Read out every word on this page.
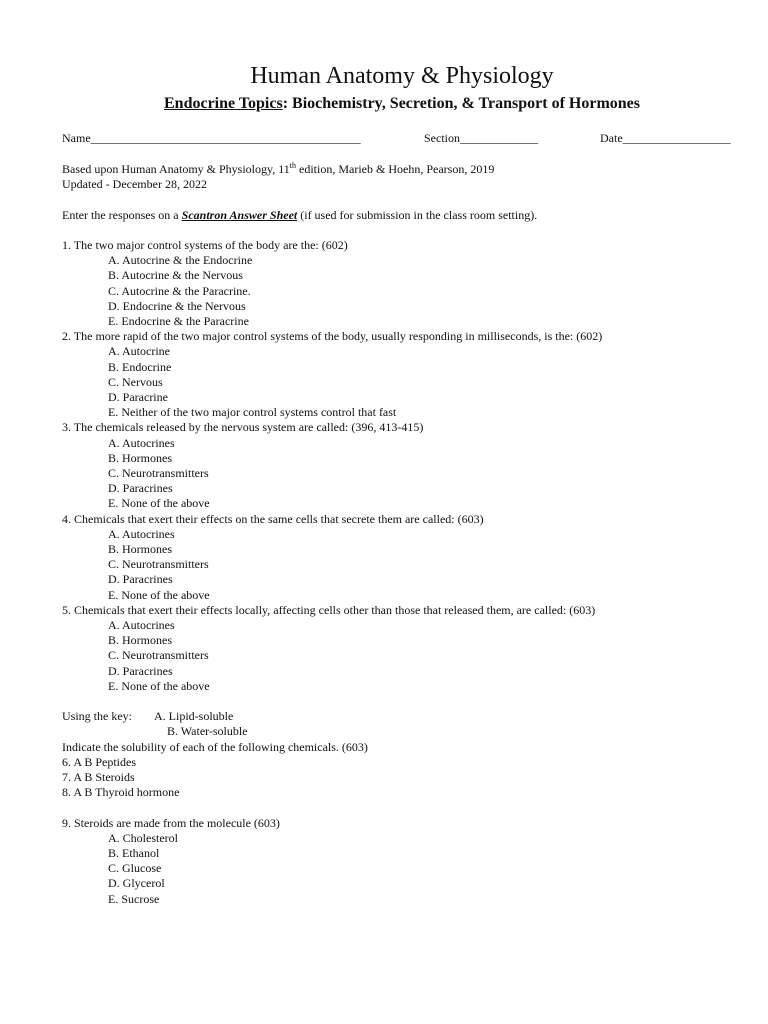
Human Anatomy & Physiology
Endocrine Topics: Biochemistry, Secretion, & Transport of Hormones
Name_____________________________________________	Section_____________	Date__________________
Based upon Human Anatomy & Physiology, 11th edition, Marieb & Hoehn, Pearson, 2019
Updated - December 28, 2022
Enter the responses on a Scantron Answer Sheet (if used for submission in the class room setting).
1. The two major control systems of the body are the: (602)
A. Autocrine & the Endocrine
B. Autocrine & the Nervous
C. Autocrine & the Paracrine.
D. Endocrine & the Nervous
E. Endocrine & the Paracrine
2. The more rapid of the two major control systems of the body, usually responding in milliseconds, is the: (602)
A. Autocrine
B. Endocrine
C. Nervous
D. Paracrine
E. Neither of the two major control systems control that fast
3. The chemicals released by the nervous system are called: (396, 413-415)
A. Autocrines
B. Hormones
C. Neurotransmitters
D. Paracrines
E. None of the above
4. Chemicals that exert their effects on the same cells that secrete them are called: (603)
A. Autocrines
B. Hormones
C. Neurotransmitters
D. Paracrines
E. None of the above
5. Chemicals that exert their effects locally, affecting cells other than those that released them, are called: (603)
A. Autocrines
B. Hormones
C. Neurotransmitters
D. Paracrines
E. None of the above
Using the key: A. Lipid-soluble
B. Water-soluble
Indicate the solubility of each of the following chemicals. (603)
6. A B Peptides
7. A B Steroids
8. A B Thyroid hormone
9. Steroids are made from the molecule (603)
A. Cholesterol
B. Ethanol
C. Glucose
D. Glycerol
E. Sucrose
